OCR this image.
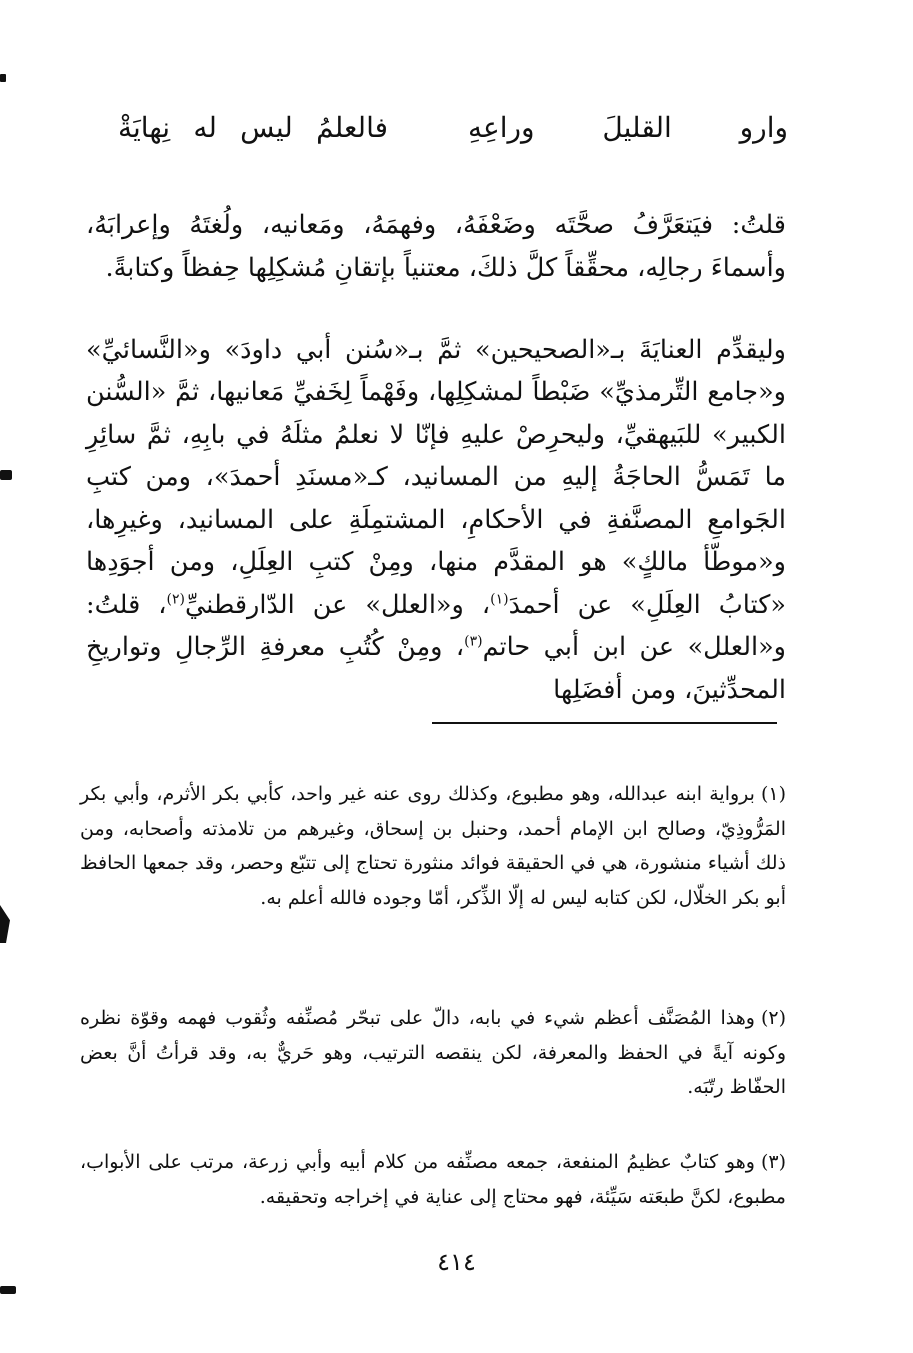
وارو القليلَ وراعِهِ
فالعلمُ ليس له نِهايَةْ

قلتُ: فيَتعَرَّفُ صحَّتَه وضَعْفَهُ، وفهمَهُ، ومَعانيه، ولُغتَهُ وإعرابَهُ، وأسماءَ رجالِه، محقِّقاً كلَّ ذلكَ، معتنياً بإتقانِ مُشكِلِها حِفظاً وكتابةً.

وليقدِّم العنايَةَ بـ«الصحيحين» ثمَّ بـ«سُنن أبي داودَ» و«النَّسائيِّ» و«جامع التِّرمذيِّ» ضَبْطاً لمشكِلِها، وفَهْماً لِخَفيِّ مَعانيها، ثمَّ «السُّنن الكبير» للبَيهقيِّ، وليحرِصْ عليهِ فإنّا لا نعلمُ مثلَهُ في بابِهِ، ثمَّ سائِرِ ما تَمَسُّ الحاجَةُ إليهِ من المسانيد، كـ«مسنَدِ أحمدَ»، ومن كتبِ الجَوامعِ المصنَّفةِ في الأحكامِ، المشتمِلَةِ على المسانيد، وغيرِها، و«موطّأ مالكٍ» هو المقدَّم منها، ومِنْ كتبِ العِلَلِ، ومن أجوَدِها «كتابُ العِلَلِ» عن أحمدَ$^{(١)}$، و«العلل» عن الدّارقطنيِّ$^{(٢)}$، قلتُ: و«العلل» عن ابن أبي حاتم$^{(٣)}$، ومِنْ كُتُبِ معرفةِ الرِّجالِ وتواريخِ المحدِّثينَ، ومن أفضَلِها

(١)برواية ابنه عبدالله، وهو مطبوع، وكذلك روى عنه غير واحد، كأبي بكر الأثرم، وأبي بكر المَرُّوذِيّ، وصالح ابن الإمام أحمد، وحنبل بن إسحاق، وغيرهم من تلامذته وأصحابه، ومن ذلك أشياء منشورة، هي في الحقيقة فوائد منثورة تحتاج إلى تتبّع وحصر، وقد جمعها الحافظ أبو بكر الخلّال، لكن كتابه ليس له إلّا الذِّكر، أمّا وجوده فالله أعلم به.

(٢)وهذا المُصَنَّف أعظم شيء في بابه، دالّ على تبحّر مُصنِّفه وثُقوب فهمه وقوّة نظره وكونه آيةً في الحفظ والمعرفة، لكن ينقصه الترتيب، وهو حَريٌّ به، وقد قرأتُ أنَّ بعض الحفّاظ رتّبَه.

(٣)وهو كتابٌ عظيمُ المنفعة، جمعه مصنِّفه من كلام أبيه وأبي زرعة، مرتب على الأبواب، مطبوع، لكنَّ طبعَته سَيِّئة، فهو محتاج إلى عناية في إخراجه وتحقيقه.

٤١٤
